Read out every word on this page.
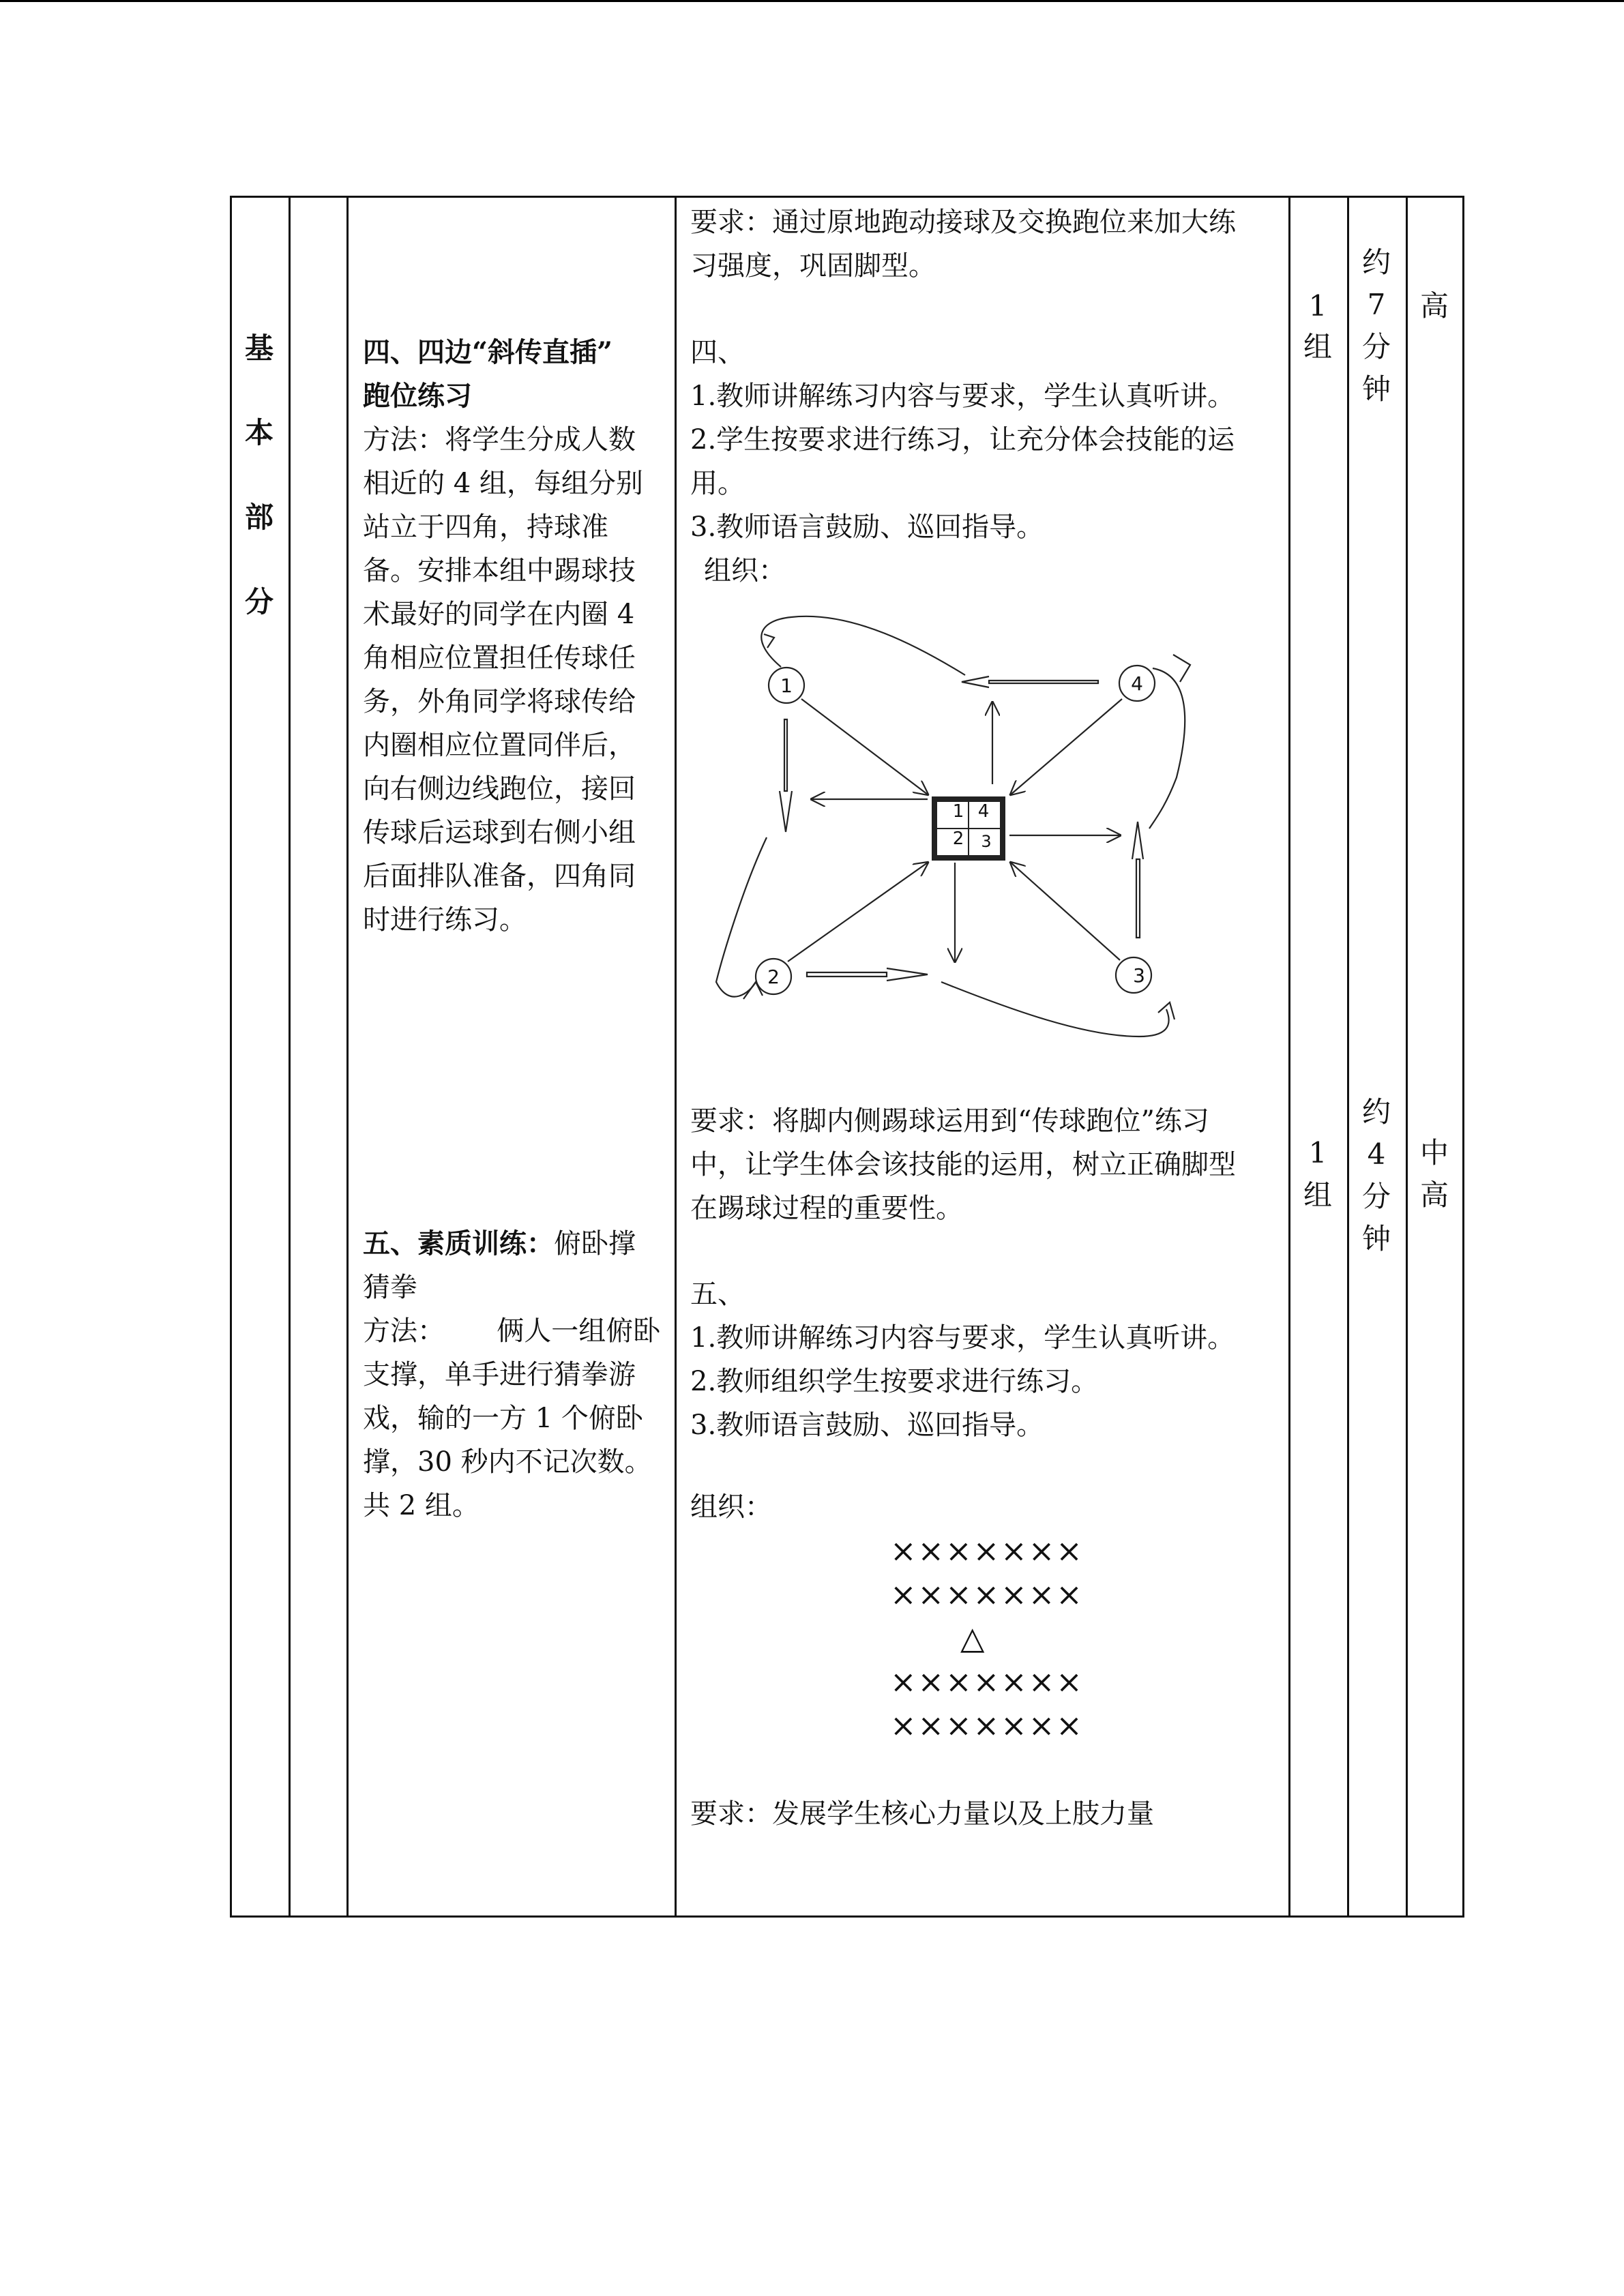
基
本
部
分
四、四边“斜传直插”
跑位练习
方法：将学生分成人数
相近的 4 组，每组分别
站立于四角，持球准
备。安排本组中踢球技
术最好的同学在内圈 4
角相应位置担任传球任
务，外角同学将球传给
内圈相应位置同伴后，
向右侧边线跑位，接回
传球后运球到右侧小组
后面排队准备，四角同
时进行练习。
五、素质训练：俯卧撑
猜拳
方法：      俩人一组俯卧
支撑，单手进行猜拳游
戏，输的一方 1 个俯卧
撑，30 秒内不记次数。
共 2 组。
要求：通过原地跑动接球及交换跑位来加大练
习强度，巩固脚型。
四、
1.教师讲解练习内容与要求，学生认真听讲。
2.学生按要求进行练习，让充分体会技能的运
用。
3.教师语言鼓励、巡回指导。
组织：
1	4
2	3
1 4
2 3
要求：将脚内侧踢球运用到“传球跑位”练习
中，让学生体会该技能的运用，树立正确脚型
在踢球过程的重要性。
五、
1.教师讲解练习内容与要求，学生认真听讲。
2.教师组织学生按要求进行练习。
3.教师语言鼓励、巡回指导。
组织：
×××××××
×××××××
△
×××××××
×××××××
要求：发展学生核心力量以及上肢力量
1
组
1
组
约
7
分
钟
约
4
分
钟
高
中
高
